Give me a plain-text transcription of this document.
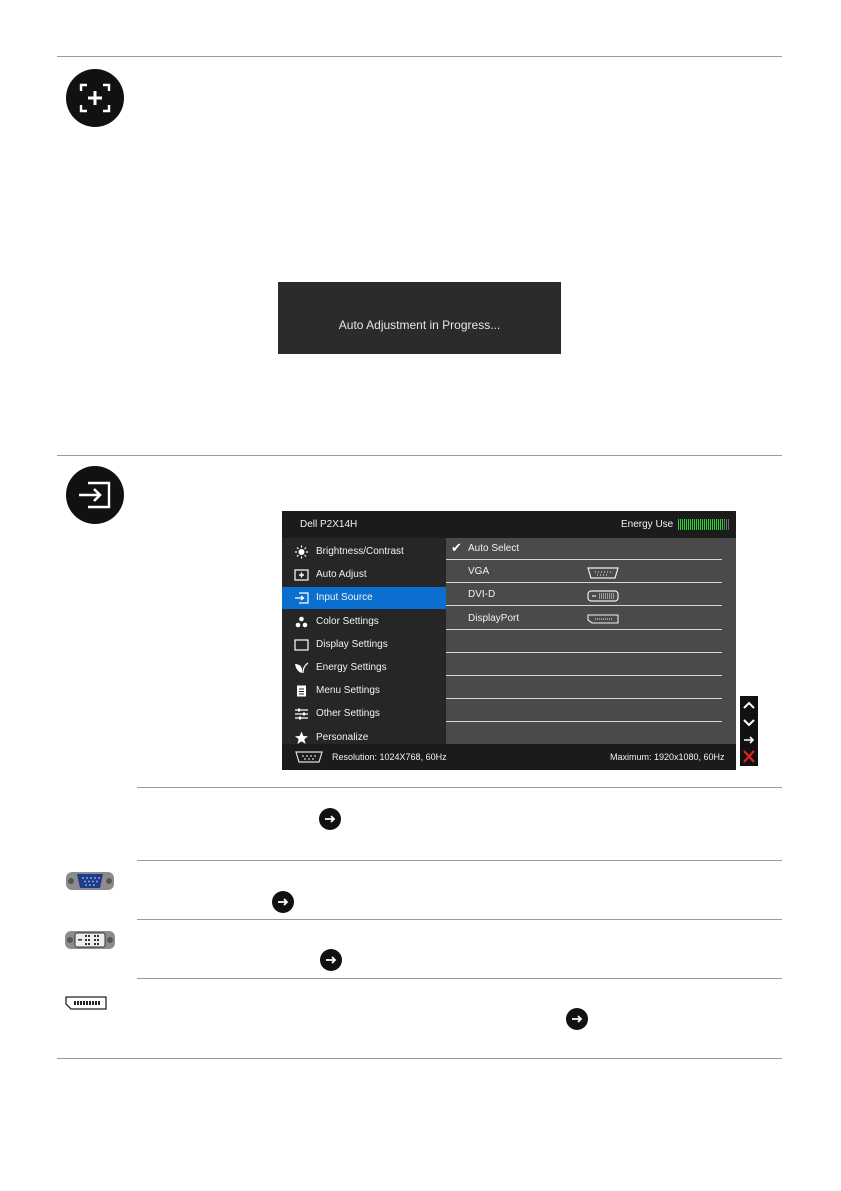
Auto Adjustment in Progress...
Dell P2X14H	Energy Use
Brightness/Contrast
Auto Adjust
Input Source
Color Settings
Display Settings
Energy Settings
Menu Settings
Other Settings
Personalize
✔ Auto Select
VGA
DVI-D
DisplayPort
Resolution: 1024X768, 60Hz	Maximum: 1920x1080, 60Hz
